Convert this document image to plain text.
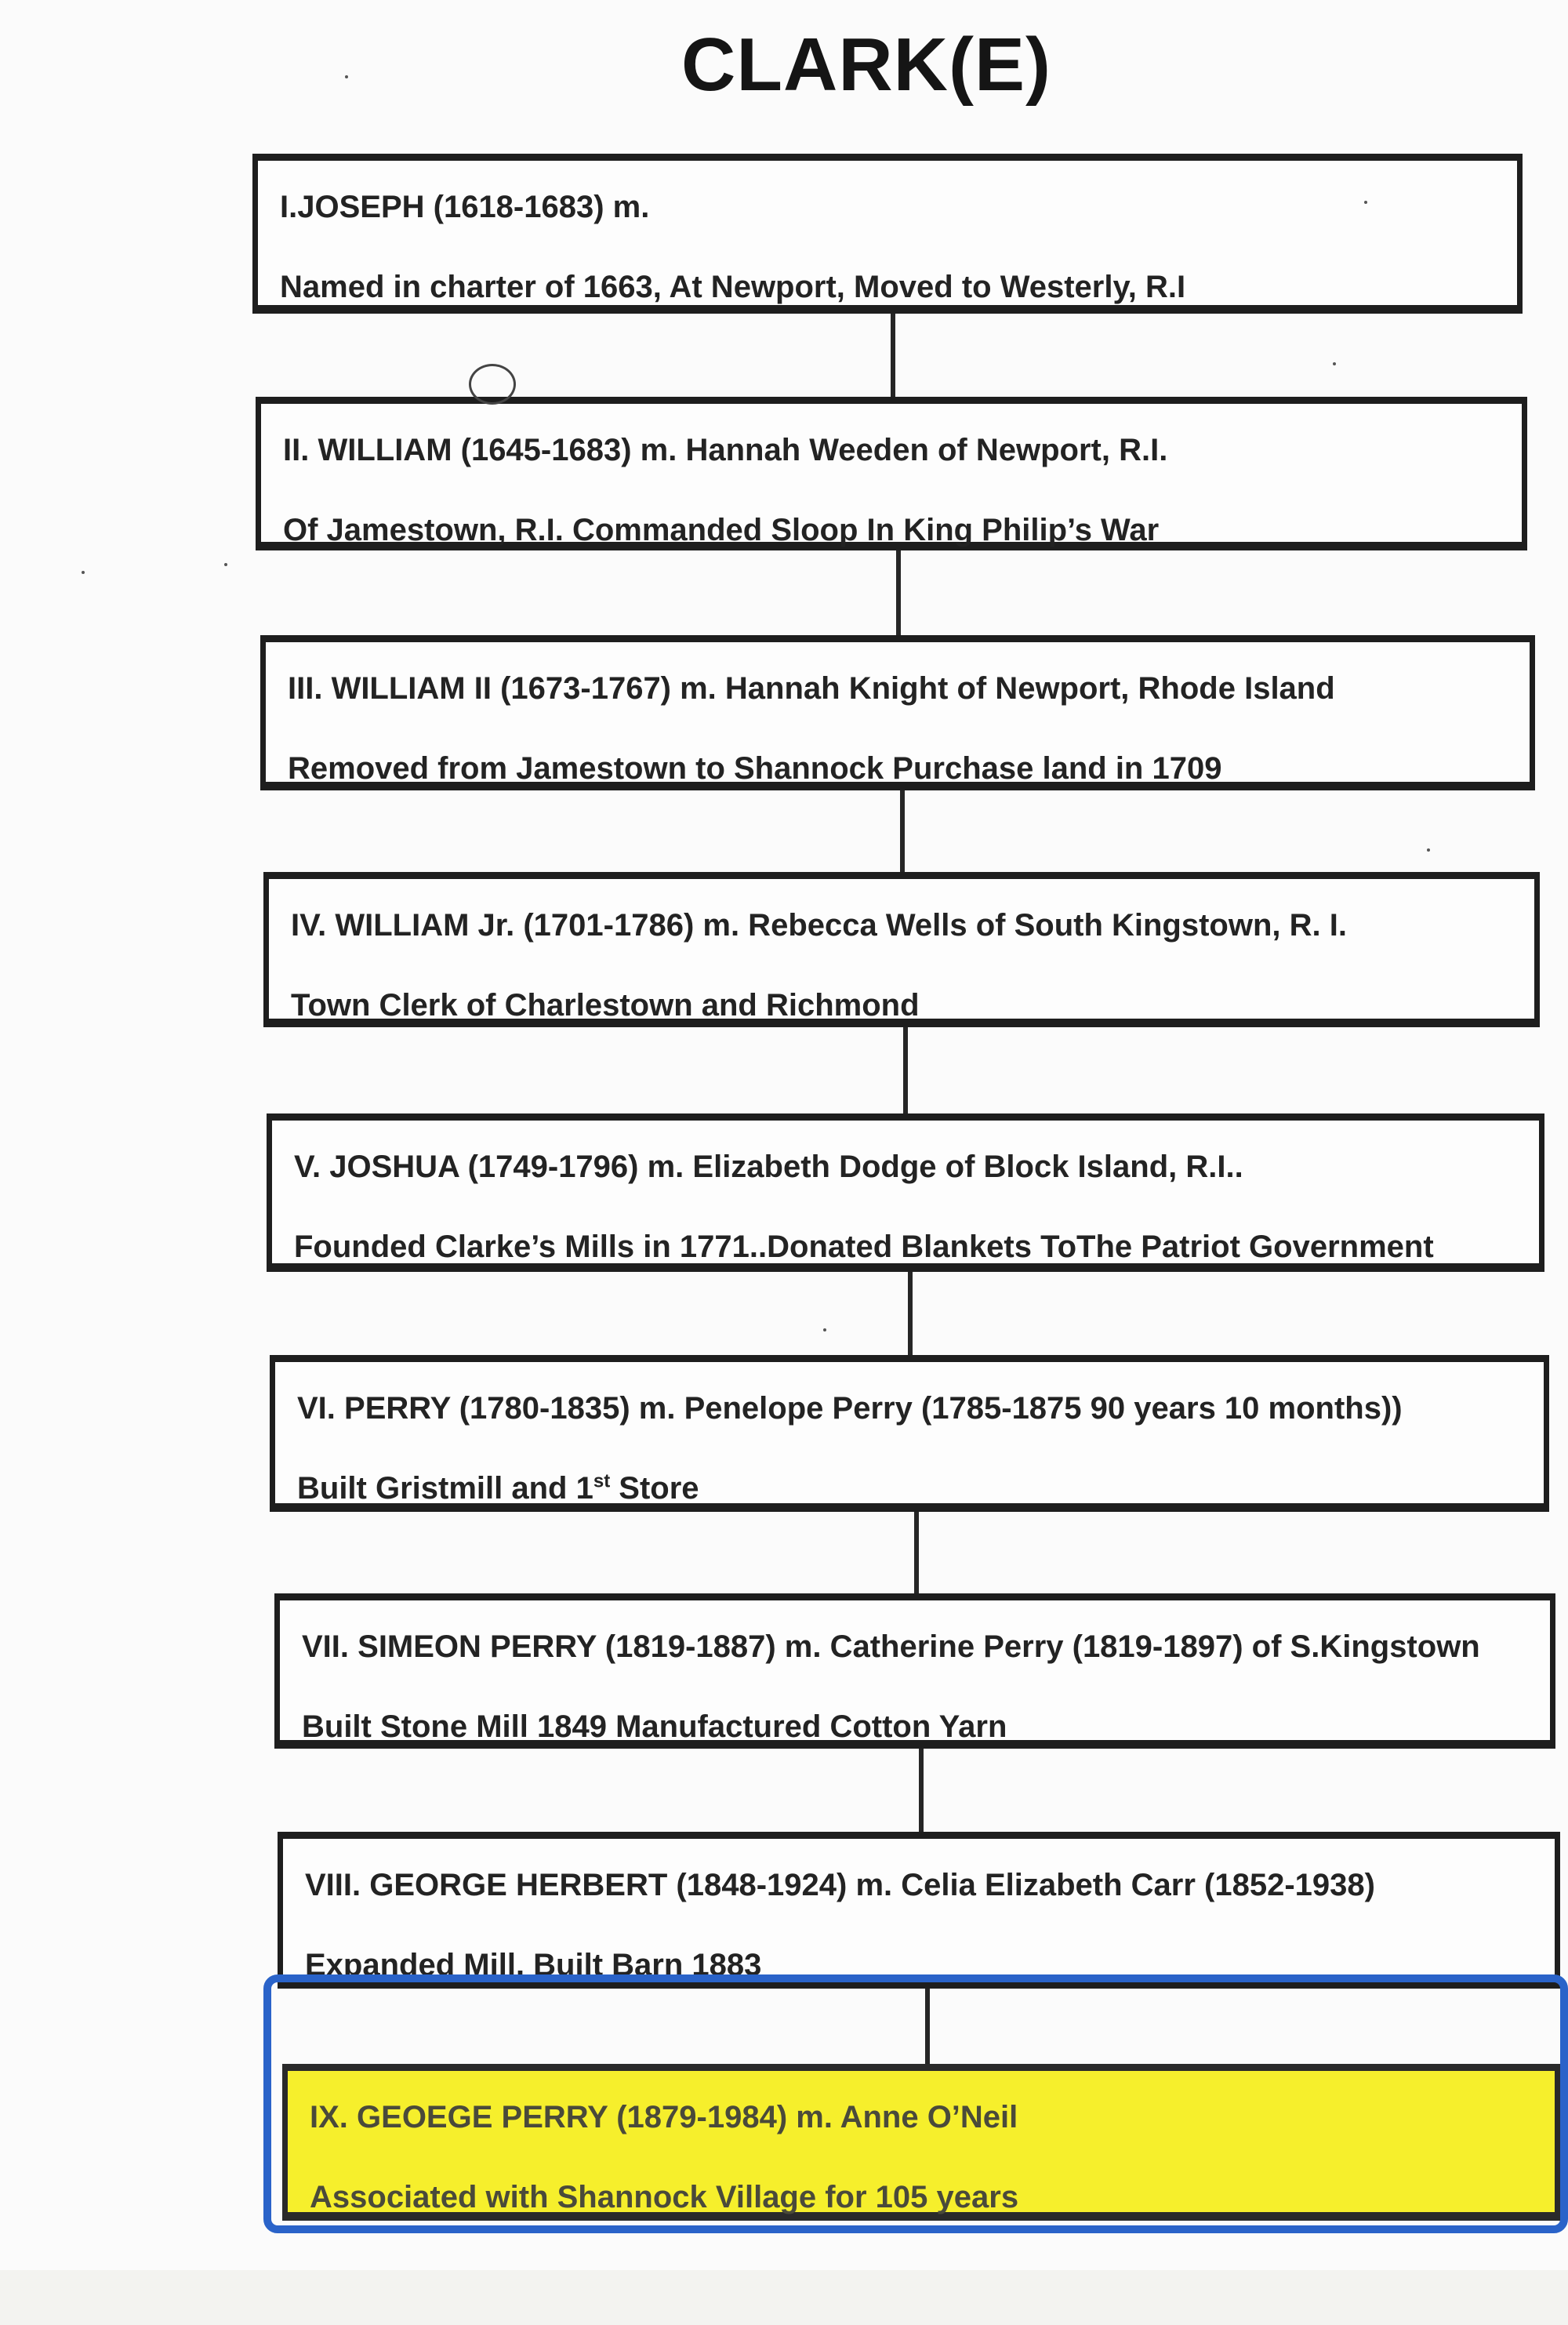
CLARK(E)
I.JOSEPH (1618-1683) m.
Named in charter of 1663, At Newport, Moved to Westerly, R.I
II. WILLIAM (1645-1683) m. Hannah Weeden of Newport, R.I.
Of Jamestown, R.I. Commanded Sloop In King Philip’s War
III. WILLIAM II (1673-1767) m. Hannah Knight of Newport, Rhode Island
Removed from Jamestown to Shannock Purchase land in 1709
IV. WILLIAM Jr. (1701-1786) m. Rebecca Wells of South Kingstown, R. I.
Town Clerk of Charlestown and Richmond
V. JOSHUA (1749-1796) m. Elizabeth Dodge of Block Island, R.I..
Founded Clarke’s Mills in 1771..Donated Blankets ToThe Patriot Government
VI. PERRY (1780-1835) m. Penelope Perry (1785-1875 90 years 10 months))
Built Gristmill and 1st Store
VII. SIMEON PERRY (1819-1887) m. Catherine Perry (1819-1897) of S.Kingstown
Built Stone Mill 1849 Manufactured Cotton Yarn
VIII. GEORGE HERBERT (1848-1924) m. Celia Elizabeth Carr (1852-1938)
Expanded Mill, Built Barn 1883
IX. GEOEGE PERRY (1879-1984) m. Anne O’Neil
Associated with Shannock Village for 105 years
